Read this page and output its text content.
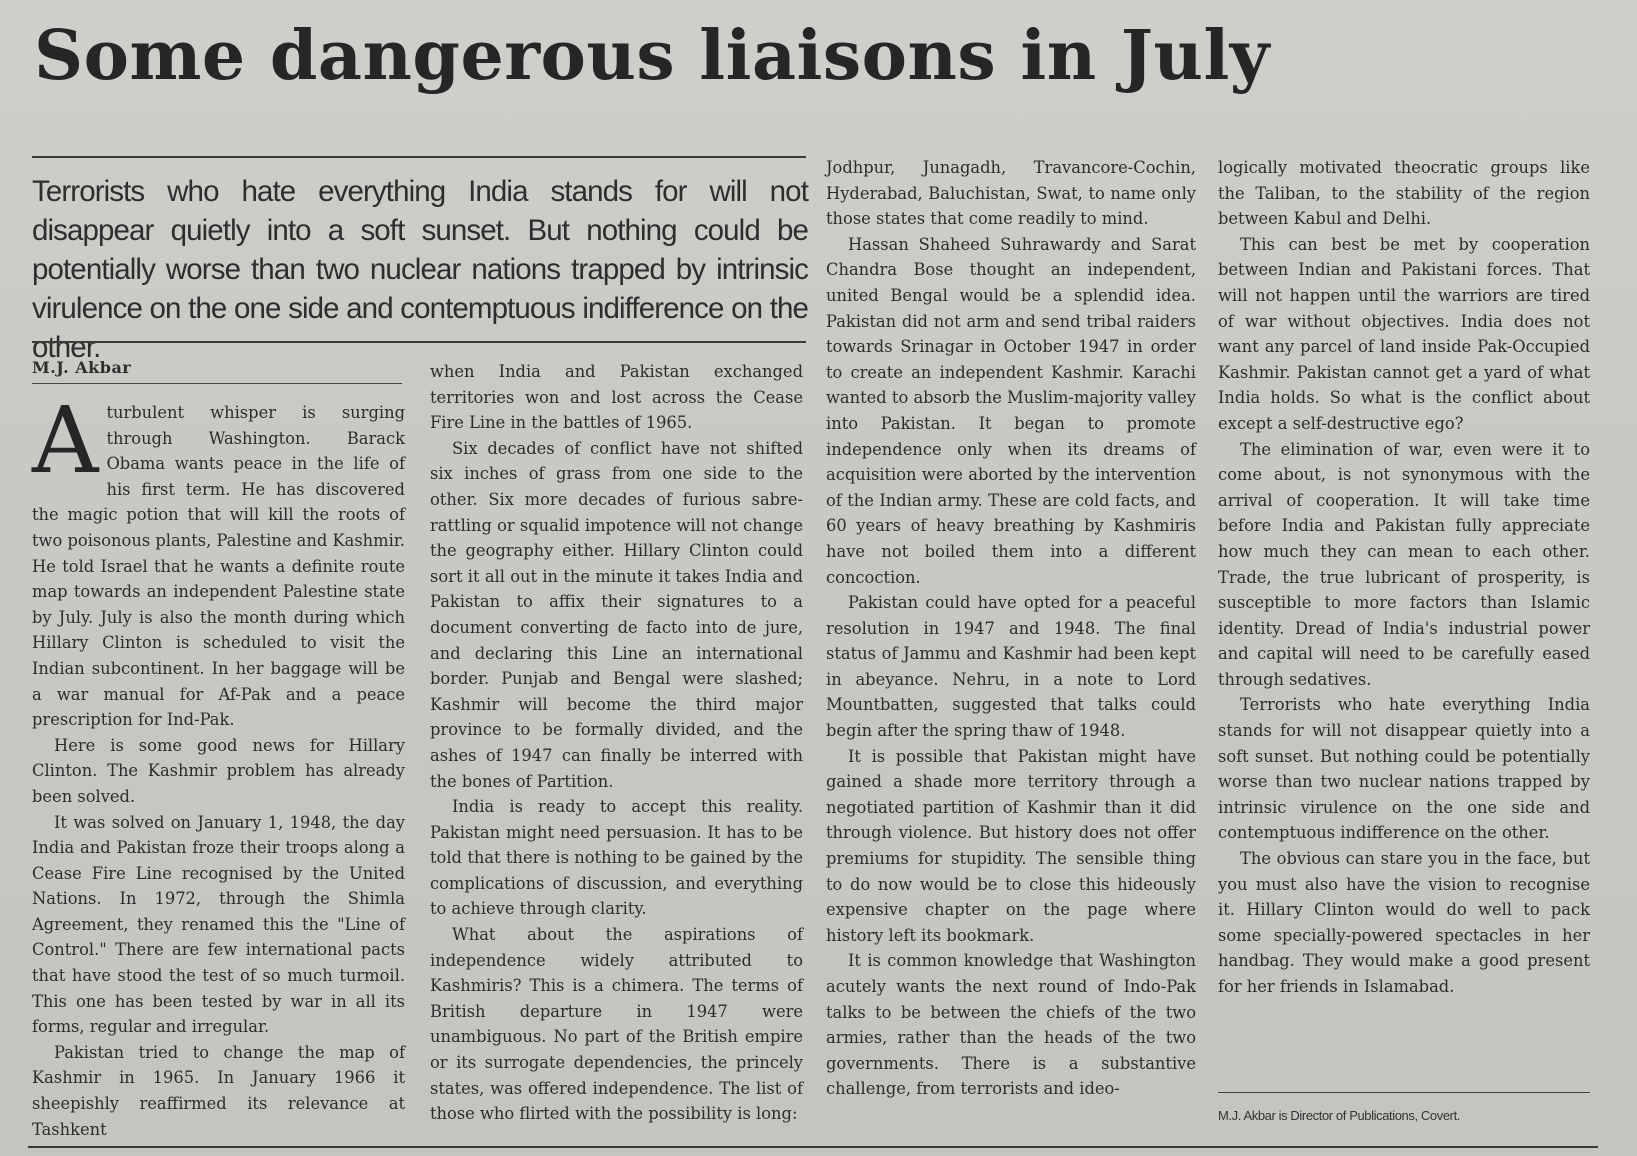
Some dangerous liaisons in July

Terrorists who hate everything India stands for will not disappear quietly into a soft sunset. But nothing could be potentially worse than two nuclear nations trapped by intrinsic virulence on the one side and contemptuous indifference on the other.

M.J. Akbar

Aturbulent whisper is surging through Washington. Barack Obama wants peace in the life of his first term. He has discovered the magic potion that will kill the roots of two poisonous plants, Palestine and Kashmir. He told Israel that he wants a definite route map towards an independent Palestine state by July. July is also the month during which Hillary Clinton is scheduled to visit the Indian subcontinent. In her baggage will be a war manual for Af-Pak and a peace prescription for Ind-Pak.

Here is some good news for Hillary Clinton. The Kashmir problem has already been solved.

It was solved on January 1, 1948, the day India and Pakistan froze their troops along a Cease Fire Line recognised by the United Nations. In 1972, through the Shimla Agreement, they renamed this the "Line of Control." There are few international pacts that have stood the test of so much turmoil. This one has been tested by war in all its forms, regular and irregular.

Pakistan tried to change the map of Kashmir in 1965. In January 1966 it sheepishly reaffirmed its relevance at Tashkent

when India and Pakistan exchanged territories won and lost across the Cease Fire Line in the battles of 1965.

Six decades of conflict have not shifted six inches of grass from one side to the other. Six more decades of furious sabre-rattling or squalid impotence will not change the geography either. Hillary Clinton could sort it all out in the minute it takes India and Pakistan to affix their signatures to a document converting de facto into de jure, and declaring this Line an international border. Punjab and Bengal were slashed; Kashmir will become the third major province to be formally divided, and the ashes of 1947 can finally be interred with the bones of Partition.

India is ready to accept this reality. Pakistan might need persuasion. It has to be told that there is nothing to be gained by the complications of discussion, and everything to achieve through clarity.

What about the aspirations of independence widely attributed to Kashmiris? This is a chimera. The terms of British departure in 1947 were unambiguous. No part of the British empire or its surrogate dependencies, the princely states, was offered independence. The list of those who flirted with the possibility is long:

Jodhpur, Junagadh, Travancore-Cochin, Hyderabad, Baluchistan, Swat, to name only those states that come readily to mind.

Hassan Shaheed Suhrawardy and Sarat Chandra Bose thought an independent, united Bengal would be a splendid idea. Pakistan did not arm and send tribal raiders towards Srinagar in October 1947 in order to create an independent Kashmir. Karachi wanted to absorb the Muslim-majority valley into Pakistan. It began to promote independence only when its dreams of acquisition were aborted by the intervention of the Indian army. These are cold facts, and 60 years of heavy breathing by Kashmiris have not boiled them into a different concoction.

Pakistan could have opted for a peaceful resolution in 1947 and 1948. The final status of Jammu and Kashmir had been kept in abeyance. Nehru, in a note to Lord Mountbatten, suggested that talks could begin after the spring thaw of 1948.

It is possible that Pakistan might have gained a shade more territory through a negotiated partition of Kashmir than it did through violence. But history does not offer premiums for stupidity. The sensible thing to do now would be to close this hideously expensive chapter on the page where history left its bookmark.

It is common knowledge that Washington acutely wants the next round of Indo-Pak talks to be between the chiefs of the two armies, rather than the heads of the two governments. There is a substantive challenge, from terrorists and ideo-

logically motivated theocratic groups like the Taliban, to the stability of the region between Kabul and Delhi.

This can best be met by cooperation between Indian and Pakistani forces. That will not happen until the warriors are tired of war without objectives. India does not want any parcel of land inside Pak-Occupied Kashmir. Pakistan cannot get a yard of what India holds. So what is the conflict about except a self-destructive ego?

The elimination of war, even were it to come about, is not synonymous with the arrival of cooperation. It will take time before India and Pakistan fully appreciate how much they can mean to each other. Trade, the true lubricant of prosperity, is susceptible to more factors than Islamic identity. Dread of India's industrial power and capital will need to be carefully eased through sedatives.

Terrorists who hate everything India stands for will not disappear quietly into a soft sunset. But nothing could be potentially worse than two nuclear nations trapped by intrinsic virulence on the one side and contemptuous indifference on the other.

The obvious can stare you in the face, but you must also have the vision to recognise it. Hillary Clinton would do well to pack some specially-powered spectacles in her handbag. They would make a good present for her friends in Islamabad.

M.J. Akbar is Director of Publications, Covert.
